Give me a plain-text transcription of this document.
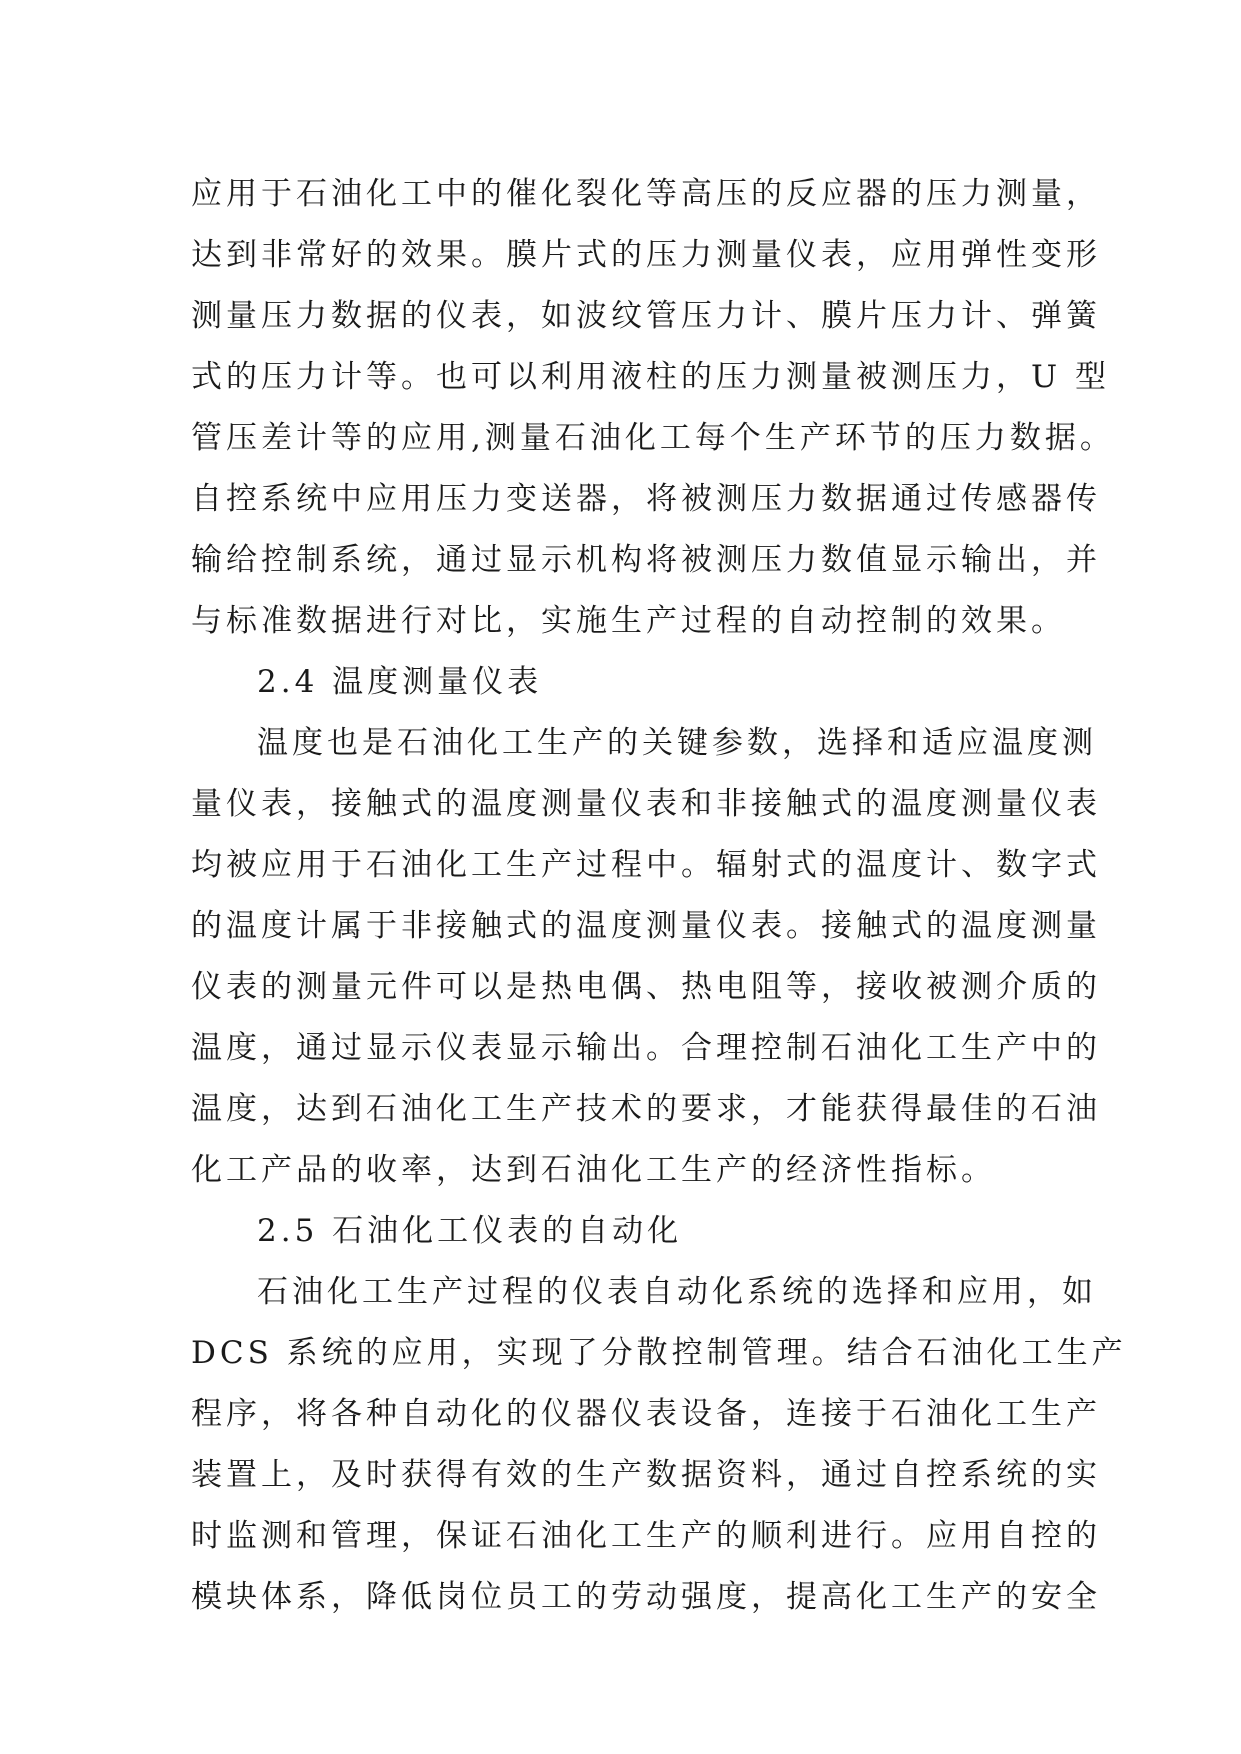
应用于石油化工中的催化裂化等高压的反应器的压力测量，
达到非常好的效果。膜片式的压力测量仪表，应用弹性变形
测量压力数据的仪表，如波纹管压力计、膜片压力计、弹簧
式的压力计等。也可以利用液柱的压力测量被测压力，U 型
管压差计等的应用,测量石油化工每个生产环节的压力数据。
自控系统中应用压力变送器，将被测压力数据通过传感器传
输给控制系统，通过显示机构将被测压力数值显示输出，并
与标准数据进行对比，实施生产过程的自动控制的效果。
2.4 温度测量仪表
温度也是石油化工生产的关键参数，选择和适应温度测
量仪表，接触式的温度测量仪表和非接触式的温度测量仪表
均被应用于石油化工生产过程中。辐射式的温度计、数字式
的温度计属于非接触式的温度测量仪表。接触式的温度测量
仪表的测量元件可以是热电偶、热电阻等，接收被测介质的
温度，通过显示仪表显示输出。合理控制石油化工生产中的
温度，达到石油化工生产技术的要求，才能获得最佳的石油
化工产品的收率，达到石油化工生产的经济性指标。
2.5 石油化工仪表的自动化
石油化工生产过程的仪表自动化系统的选择和应用，如
DCS 系统的应用，实现了分散控制管理。结合石油化工生产
程序，将各种自动化的仪器仪表设备，连接于石油化工生产
装置上，及时获得有效的生产数据资料，通过自控系统的实
时监测和管理，保证石油化工生产的顺利进行。应用自控的
模块体系，降低岗位员工的劳动强度，提高化工生产的安全
